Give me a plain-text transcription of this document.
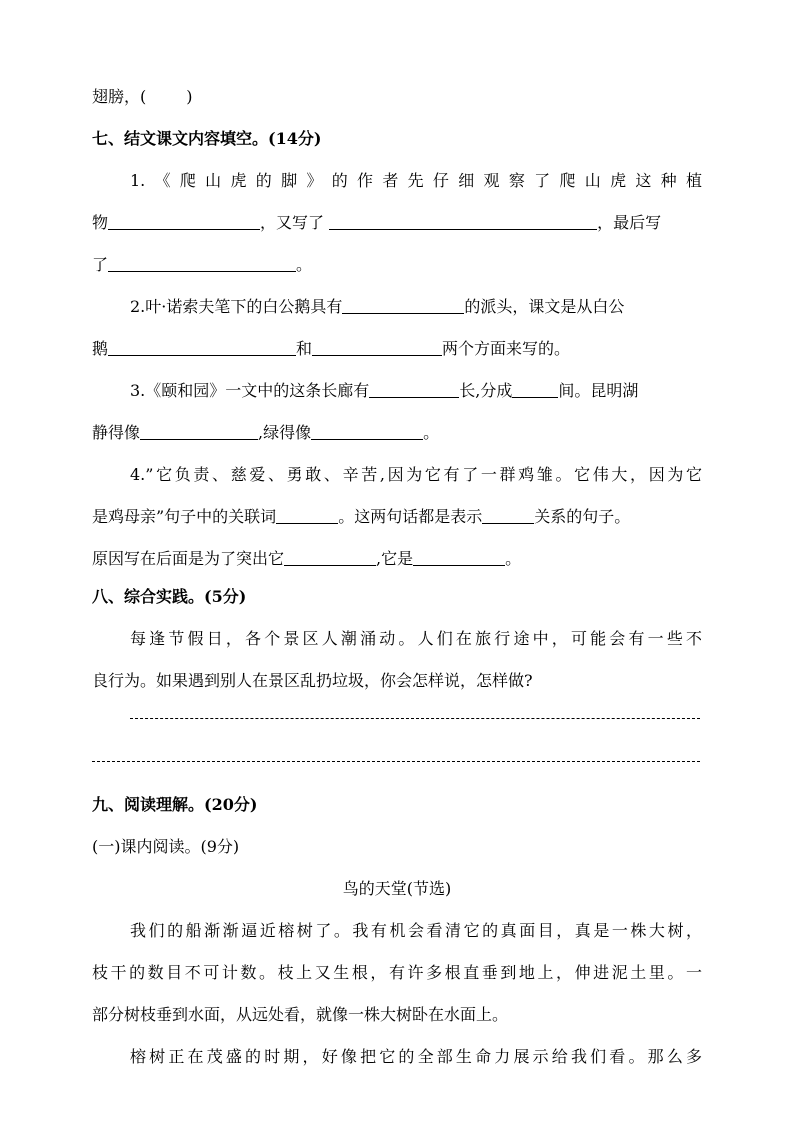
翅膀，(	)
七、结文课文内容填空。(14分)
1.《爬山虎的脚》的作者先仔细观察了爬山虎这种植
物	，又写了	，最后写
了	。
2.叶·诺索夫笔下的白公鹅具有	的派头，课文是从白公
鹅	和	两个方面来写的。
3.《颐和园》一文中的这条长廊有	长,分成	间。昆明湖
静得像	,绿得像	。
4.”它负责、慈爱、勇敢、辛苦,因为它有了一群鸡雏。它伟大，因为它
是鸡母亲”句子中的关联词	。这两句话都是表示	关系的句子。
原因写在后面是为了突出它	,它是	。
八、综合实践。(5分)
每逢节假日，各个景区人潮涌动。人们在旅行途中，可能会有一些不
良行为。如果遇到别人在景区乱扔垃圾，你会怎样说，怎样做?
九、阅读理解。(20分)
(一)课内阅读。(9分)
鸟的天堂(节选)
我们的船渐渐逼近榕树了。我有机会看清它的真面目，真是一株大树，
枝干的数目不可计数。枝上又生根，有许多根直垂到地上，伸进泥土里。一
部分树枝垂到水面，从远处看，就像一株大树卧在水面上。
榕树正在茂盛的时期，好像把它的全部生命力展示给我们看。那么多
